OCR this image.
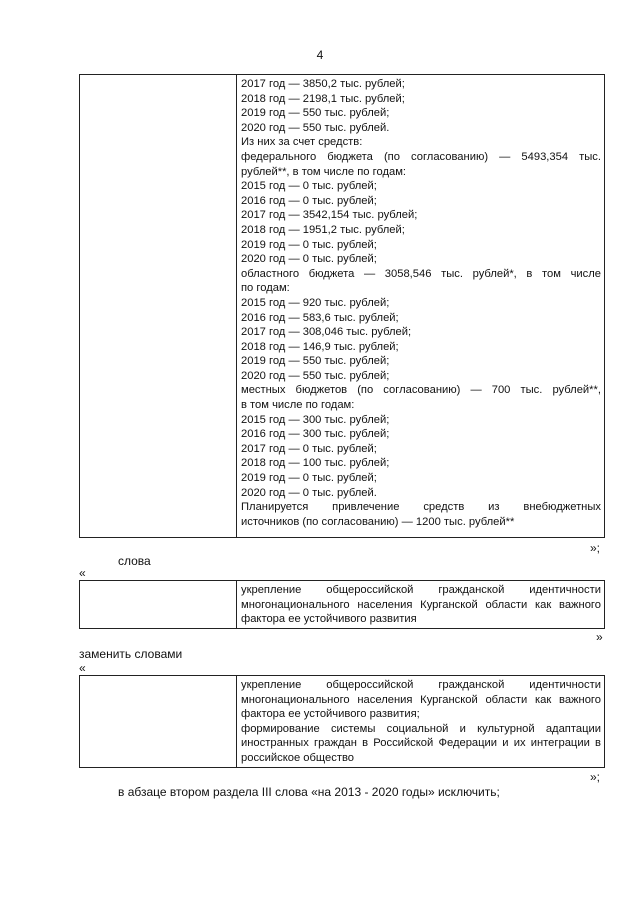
4

2017 год — 3850,2 тыс. рублей;
2018 год — 2198,1 тыс. рублей;
2019 год — 550 тыс. рублей;
2020 год — 550 тыс. рублей.
Из них за счет средств:
федерального бюджета (по согласованию) — 5493,354 тыс.
рублей**, в том числе по годам:
2015 год — 0 тыс. рублей;
2016 год — 0 тыс. рублей;
2017 год — 3542,154 тыс. рублей;
2018 год — 1951,2 тыс. рублей;
2019 год — 0 тыс. рублей;
2020 год — 0 тыс. рублей;
областного бюджета — 3058,546 тыс. рублей*, в том числе
по годам:
2015 год — 920 тыс. рублей;
2016 год — 583,6 тыс. рублей;
2017 год — 308,046 тыс. рублей;
2018 год — 146,9 тыс. рублей;
2019 год — 550 тыс. рублей;
2020 год — 550 тыс. рублей;
местных бюджетов (по согласованию) — 700 тыс. рублей**,
в том числе по годам:
2015 год — 300 тыс. рублей;
2016 год — 300 тыс. рублей;
2017 год — 0 тыс. рублей;
2018 год — 100 тыс. рублей;
2019 год — 0 тыс. рублей;
2020 год — 0 тыс. рублей.
Планируется привлечение средств из внебюджетных
источников (по согласованию) — 1200 тыс. рублей**
»;
слова
«

укрепление общероссийской гражданской идентичности многонационального населения Курганской области как важного фактора ее устойчивого развития
»
заменить словами
«

укрепление общероссийской гражданской идентичности многонационального населения Курганской области как важного фактора ее устойчивого развития;
формирование системы социальной и культурной адаптации иностранных граждан в Российской Федерации и их интеграции в российское общество
»;
в абзаце втором раздела III слова «на 2013 - 2020 годы» исключить;
